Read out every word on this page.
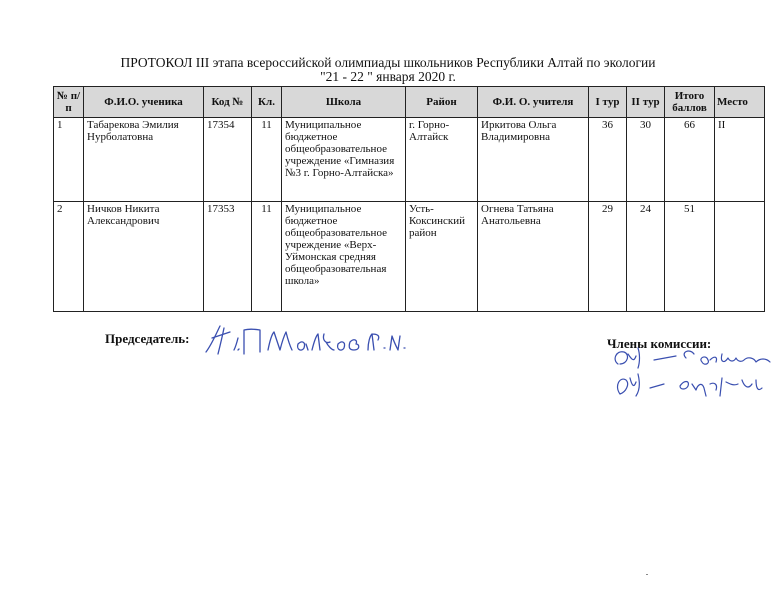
ПРОТОКОЛ III этапа всероссийской олимпиады школьников Республики Алтай по экологии
"21 - 22 " января 2020 г.
№ п/п	Ф.И.О. ученика	Код №	Кл.	Школа	Район	Ф.И. О. учителя	I тур	II тур	Итого баллов	Место
1	Табарекова Эмилия Нурболатовна	17354	11	Муниципальное бюджетное общеобразовательное учреждение «Гимназия №3 г. Горно-Алтайска»	г. Горно-Алтайск	Иркитова Ольга Владимировна	36	30	66	II
2	Ничков Никита Александрович	17353	11	Муниципальное бюджетное общеобразовательное учреждение «Верх-Уймонская средняя общеобразовательная школа»	Усть-Коксинский район	Огнева Татьяна Анатольевна	29	24	51	
Председатель:	Члены комиссии:
